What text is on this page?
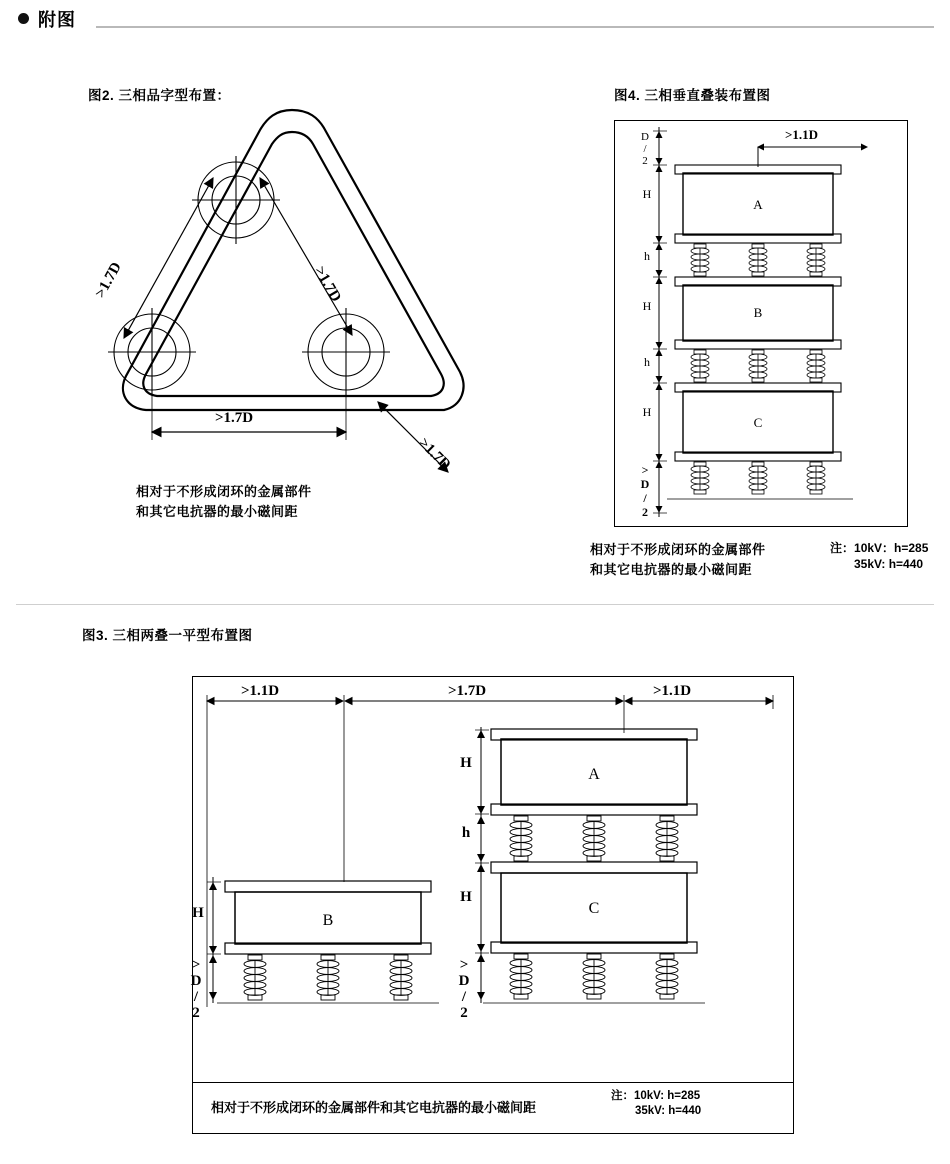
附图
图2. 三相品字型布置：
>1.7D	>1.7D
>1.7D
>1.7D
相对于不形成闭环的金属部件
和其它电抗器的最小磁间距
图4. 三相垂直叠装布置图
A
B
C
D/2
H
h
H
h
H
>D/2
>1.1D
相对于不形成闭环的金属部件
和其它电抗器的最小磁间距
注：10kV：h=285
35kV: h=440
图3. 三相两叠一平型布置图
A
C
B
>1.1D	>1.7D	>1.1D
H
h
H
>D/2
H
>D/2
相对于不形成闭环的金属部件和其它电抗器的最小磁间距
注：10kV: h=285
35kV: h=440
